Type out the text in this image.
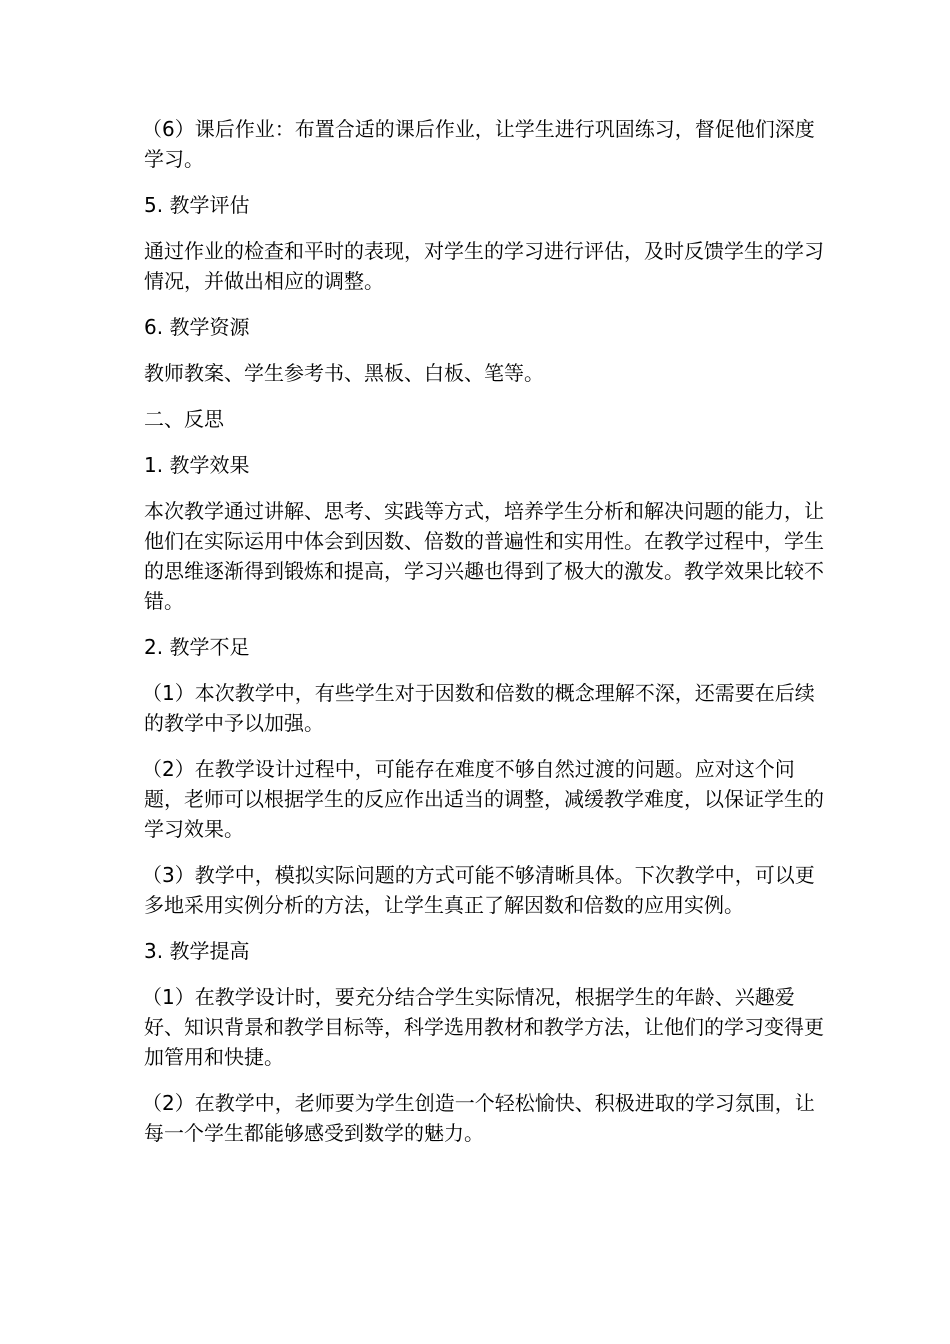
（6）课后作业：布置合适的课后作业，让学生进行巩固练习，督促他们深度学习。

5. 教学评估

通过作业的检查和平时的表现，对学生的学习进行评估，及时反馈学生的学习情况，并做出相应的调整。

6. 教学资源

教师教案、学生参考书、黑板、白板、笔等。

二、反思
1. 教学效果

本次教学通过讲解、思考、实践等方式，培养学生分析和解决问题的能力，让他们在实际运用中体会到因数、倍数的普遍性和实用性。在教学过程中，学生的思维逐渐得到锻炼和提高，学习兴趣也得到了极大的激发。教学效果比较不错。

2. 教学不足

（1）本次教学中，有些学生对于因数和倍数的概念理解不深，还需要在后续的教学中予以加强。

（2）在教学设计过程中，可能存在难度不够自然过渡的问题。应对这个问题，老师可以根据学生的反应作出适当的调整，减缓教学难度，以保证学生的学习效果。

（3）教学中，模拟实际问题的方式可能不够清晰具体。下次教学中，可以更多地采用实例分析的方法，让学生真正了解因数和倍数的应用实例。

3. 教学提高

（1）在教学设计时，要充分结合学生实际情况，根据学生的年龄、兴趣爱好、知识背景和教学目标等，科学选用教材和教学方法，让他们的学习变得更加管用和快捷。

（2）在教学中，老师要为学生创造一个轻松愉快、积极进取的学习氛围，让每一个学生都能够感受到数学的魅力。
